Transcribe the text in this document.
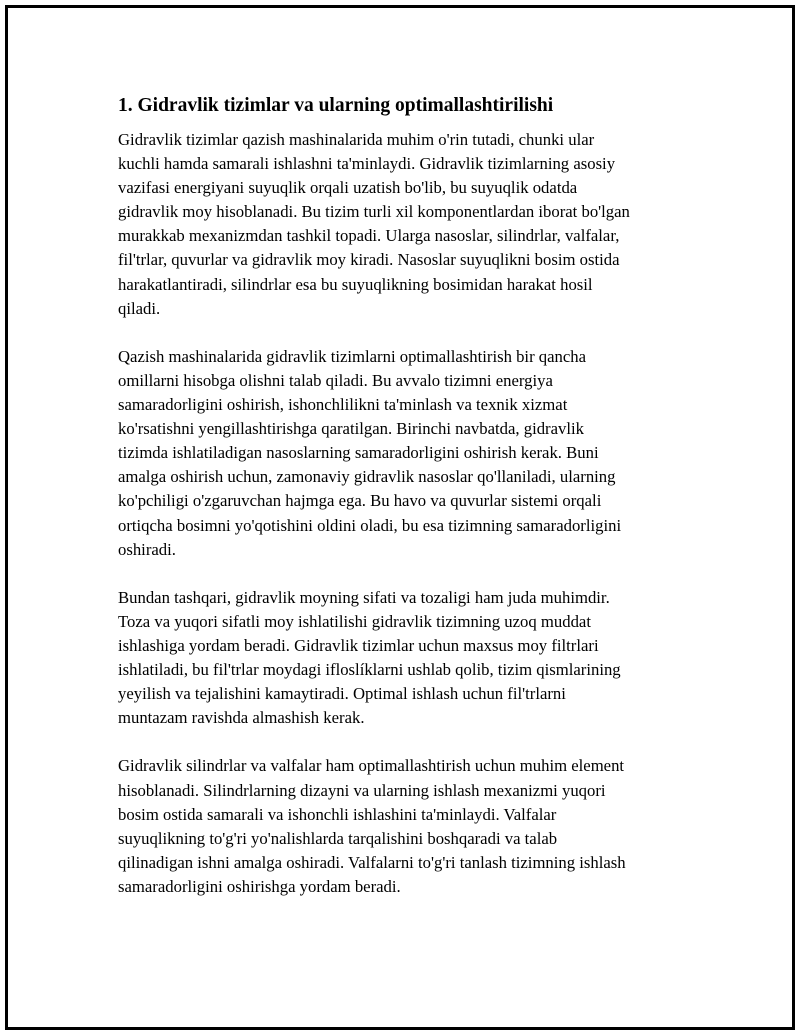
1. Gidravlik tizimlar va ularning optimallashtirilishi
Gidravlik tizimlar qazish mashinalarida muhim o'rin tutadi, chunki ular
kuchli hamda samarali ishlashni ta'minlaydi. Gidravlik tizimlarning asosiy
vazifasi energiyani suyuqlik orqali uzatish bo'lib, bu suyuqlik odatda
gidravlik moy hisoblanadi. Bu tizim turli xil komponentlardan iborat bo'lgan
murakkab mexanizmdan tashkil topadi. Ularga nasoslar, silindrlar, valfalar,
fil'trlar, quvurlar va gidravlik moy kiradi. Nasoslar suyuqlikni bosim ostida
harakatlantiradi, silindrlar esa bu suyuqlikning bosimidan harakat hosil
qiladi.
Qazish mashinalarida gidravlik tizimlarni optimallashtirish bir qancha
omillarni hisobga olishni talab qiladi. Bu avvalo tizimni energiya
samaradorligini oshirish, ishonchlilikni ta'minlash va texnik xizmat
ko'rsatishni yengillashtirishga qaratilgan. Birinchi navbatda, gidravlik
tizimda ishlatiladigan nasoslarning samaradorligini oshirish kerak. Buni
amalga oshirish uchun, zamonaviy gidravlik nasoslar qo'llaniladi, ularning
ko'pchiligi o'zgaruvchan hajmga ega. Bu havo va quvurlar sistemi orqali
ortiqcha bosimni yo'qotishini oldini oladi, bu esa tizimning samaradorligini
oshiradi.
Bundan tashqari, gidravlik moyning sifati va tozaligi ham juda muhimdir.
Toza va yuqori sifatli moy ishlatilishi gidravlik tizimning uzoq muddat
ishlashiga yordam beradi. Gidravlik tizimlar uchun maxsus moy filtrlari
ishlatiladi, bu fil'trlar moydagi ifloslíklarni ushlab qolib, tizim qismlarining
yeyilish va tejalishini kamaytiradi. Optimal ishlash uchun fil'trlarni
muntazam ravishda almashish kerak.
Gidravlik silindrlar va valfalar ham optimallashtirish uchun muhim element
hisoblanadi. Silindrlarning dizayni va ularning ishlash mexanizmi yuqori
bosim ostida samarali va ishonchli ishlashini ta'minlaydi. Valfalar
suyuqlikning to'g'ri yo'nalishlarda tarqalishini boshqaradi va talab
qilinadigan ishni amalga oshiradi. Valfalarni to'g'ri tanlash tizimning ishlash
samaradorligini oshirishga yordam beradi.
